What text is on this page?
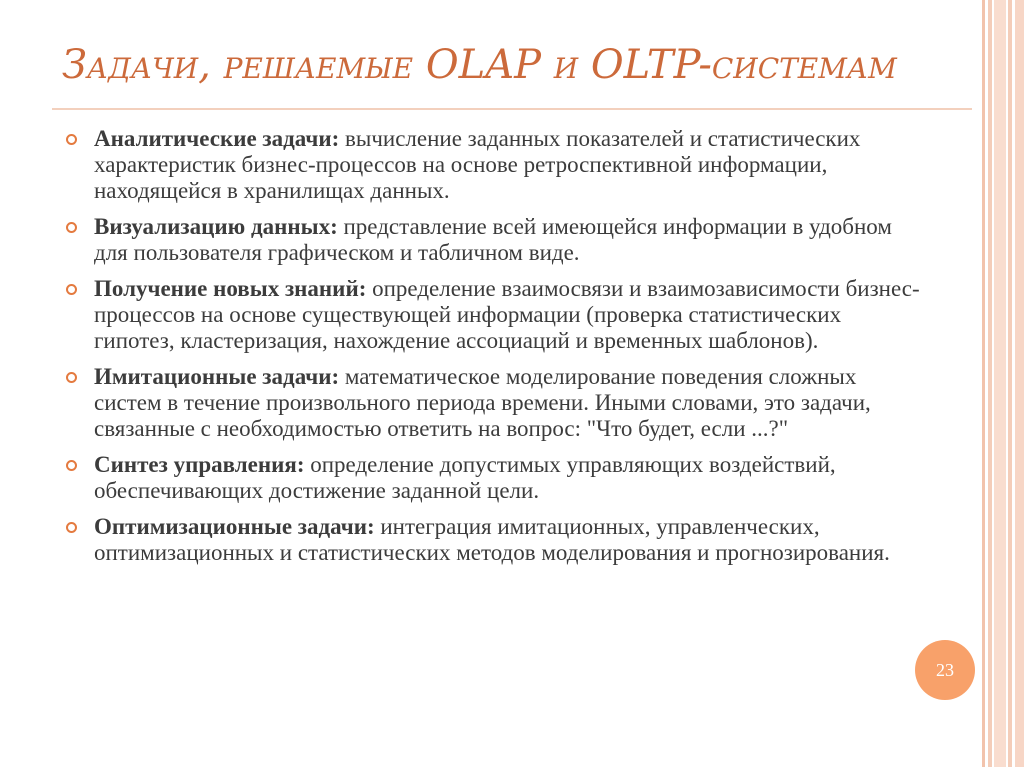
Задачи, решаемые OLAP и OLTP-системам
Аналитические задачи: вычисление заданных показателей и статистических характеристик бизнес-процессов на основе ретроспективной информации, находящейся в хранилищах данных.
Визуализацию данных: представление всей имеющейся информации в удобном для пользователя графическом и табличном виде.
Получение новых знаний: определение взаимосвязи и взаимозависимости бизнес-процессов на основе существующей информации (проверка статистических гипотез, кластеризация, нахождение ассоциаций и временных шаблонов).
Имитационные задачи: математическое моделирование поведения сложных систем в течение произвольного периода времени. Иными словами, это задачи, связанные с необходимостью ответить на вопрос: "Что будет, если ...?"
Синтез управления: определение допустимых управляющих воздействий, обеспечивающих достижение заданной цели.
Оптимизационные задачи: интеграция имитационных, управленческих, оптимизационных и статистических методов моделирования и прогнозирования.
23
